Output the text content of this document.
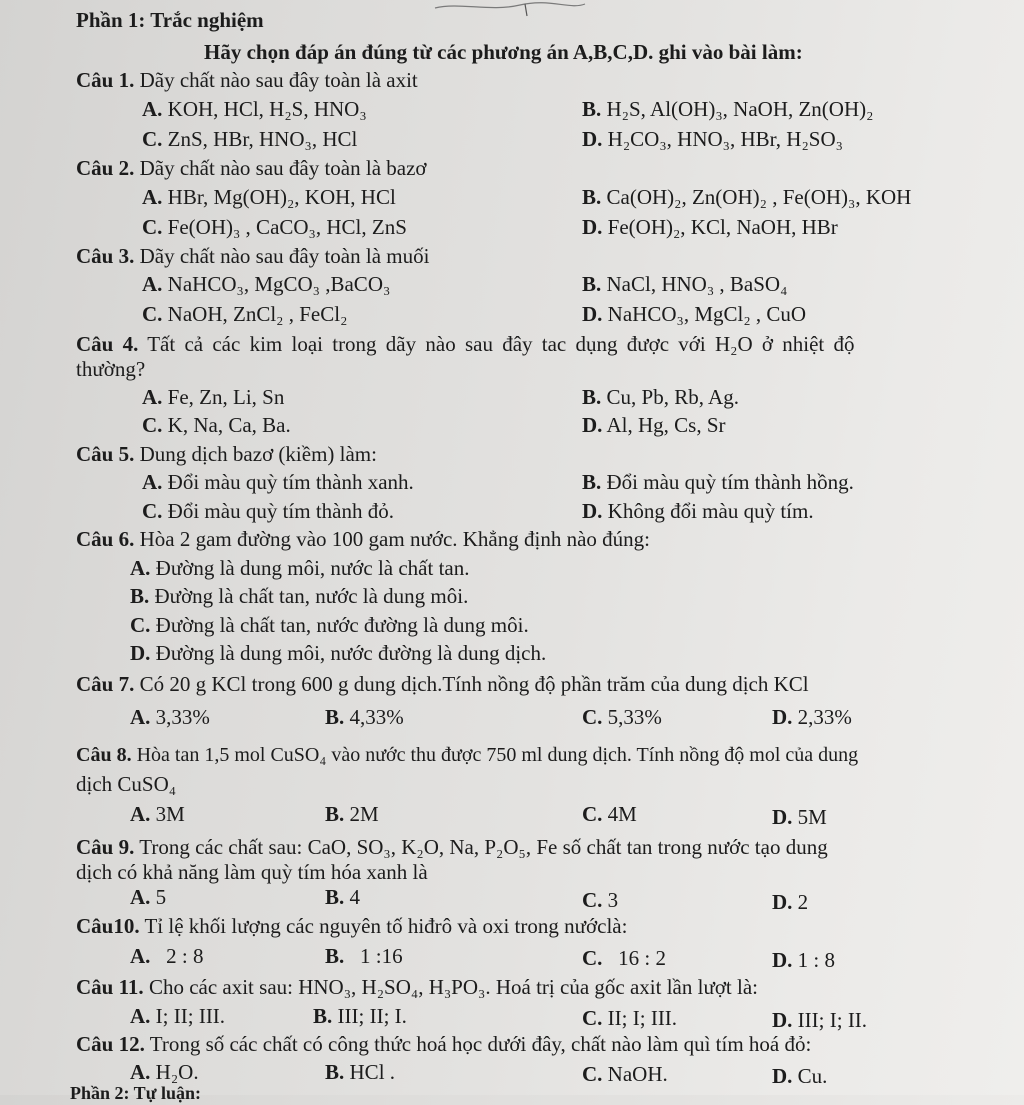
Phần 1: Trắc nghiệm
Hãy chọn đáp án đúng từ các phương án A,B,C,D. ghi vào bài làm:
Câu 1. Dãy chất nào sau đây toàn là axit
A. KOH, HCl, H₂S, HNO₃	B. H₂S, Al(OH)₃, NaOH, Zn(OH)₂
C. ZnS, HBr, HNO₃, HCl	D. H₂CO₃, HNO₃, HBr, H₂SO₃
Câu 2. Dãy chất nào sau đây toàn là bazơ
A. HBr, Mg(OH)₂, KOH, HCl	B. Ca(OH)₂, Zn(OH)₂ , Fe(OH)₃, KOH
C. Fe(OH)₃ , CaCO₃, HCl, ZnS	D. Fe(OH)₂, KCl, NaOH, HBr
Câu 3. Dãy chất nào sau đây toàn là muối
A. NaHCO₃, MgCO₃ ,BaCO₃	B. NaCl, HNO₃ , BaSO₄
C. NaOH, ZnCl₂ , FeCl₂	D. NaHCO₃, MgCl₂ , CuO
Câu 4. Tất cả các kim loại trong dãy nào sau đây tac dụng được với H₂O ở nhiệt độ
thường?
A. Fe, Zn, Li, Sn	B. Cu, Pb, Rb, Ag.
C. K, Na, Ca, Ba.	D. Al, Hg, Cs, Sr
Câu 5. Dung dịch bazơ (kiềm) làm:
A. Đổi màu quỳ tím thành xanh.	B. Đổi màu quỳ tím thành hồng.
C. Đổi màu quỳ tím thành đỏ.	D. Không đổi màu quỳ tím.
Câu 6. Hòa 2 gam đường vào 100 gam nước. Khẳng định nào đúng:
A. Đường là dung môi, nước là chất tan.
B. Đường là chất tan, nước là dung môi.
C. Đường là chất tan, nước đường là dung môi.
D. Đường là dung môi, nước đường là dung dịch.
Câu 7. Có 20 g KCl trong 600 g dung dịch.Tính nồng độ phần trăm của dung dịch KCl
A. 3,33%	B. 4,33%	C. 5,33%	D. 2,33%
Câu 8. Hòa tan 1,5 mol CuSO₄ vào nước thu được 750 ml dung dịch. Tính nồng độ mol của dung
dịch CuSO₄
A. 3M	B. 2M	C. 4M	D. 5M
Câu 9. Trong các chất sau: CaO, SO₃, K₂O, Na, P₂O₅, Fe số chất tan trong nước tạo dung
dịch có khả năng làm quỳ tím hóa xanh là
A. 5	B. 4	C. 3	D. 2
Câu10. Tỉ lệ khối lượng các nguyên tố hiđrô và oxi trong nướclà:
A.   2 : 8	B.   1 :16	C.   16 : 2	D. 1 : 8
Câu 11. Cho các axit sau: HNO₃, H₂SO₄, H₃PO₃. Hoá trị của gốc axit lần lượt là:
A. I; II; III.	B. III; II; I.	C. II; I; III.	D. III; I; II.
Câu 12. Trong số các chất có công thức hoá học dưới đây, chất nào làm quì tím hoá đỏ:
A. H₂O.	B. HCl .	C. NaOH.	D. Cu.
Phần 2: Tự luận:
